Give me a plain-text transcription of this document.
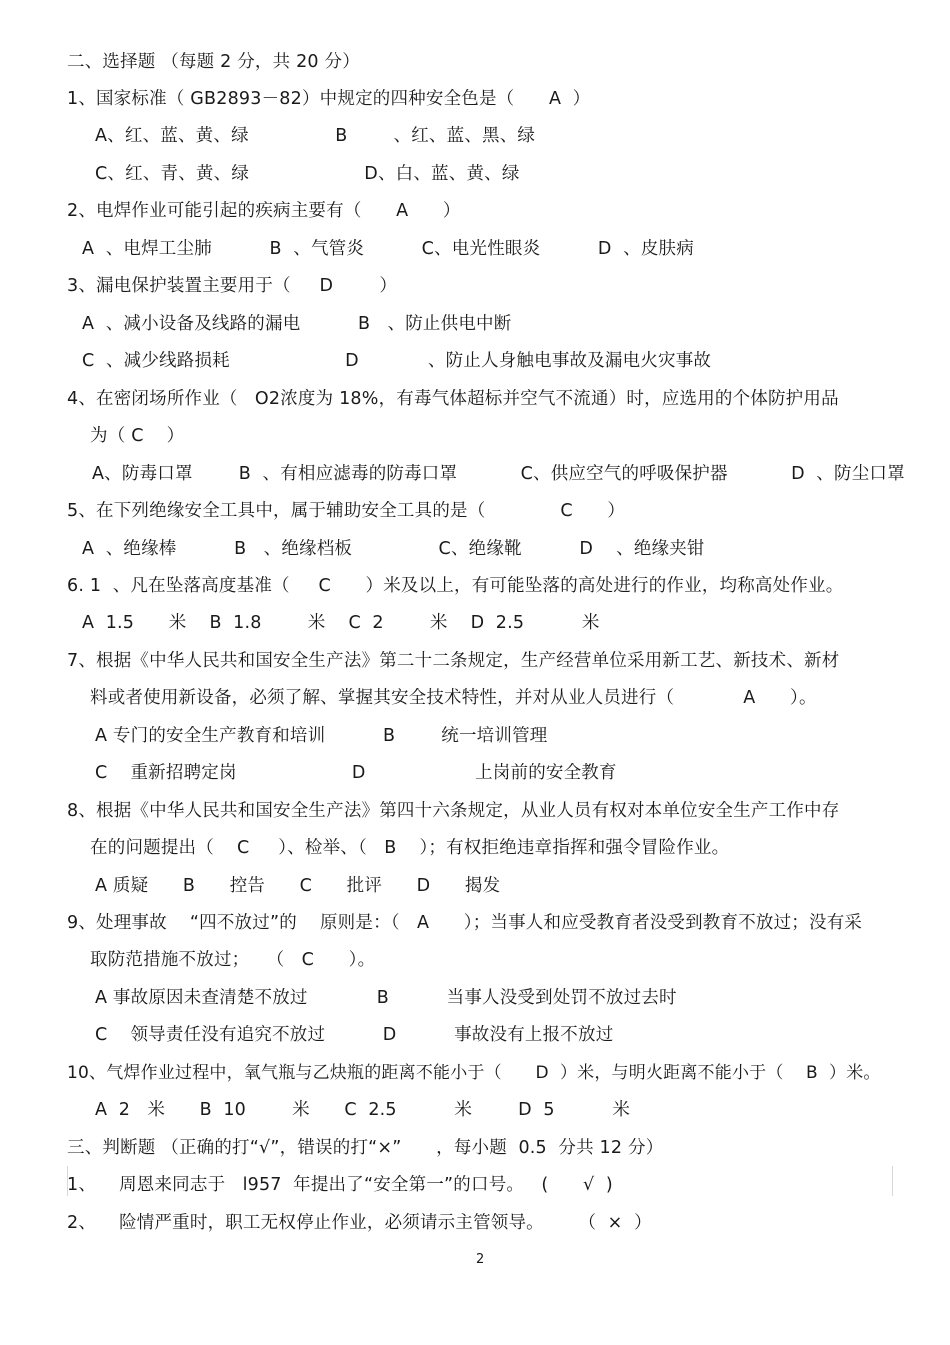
二、选择题 （每题 2 分，共 20 分）
1、国家标准（ GB2893－82）中规定的四种安全色是（      A  ）
A、红、蓝、黄、绿               B        、红、蓝、黑、绿
C、红、青、黄、绿                    D、白、蓝、黄、绿
2、电焊作业可能引起的疾病主要有（      A      ）
A  、电焊工尘肺          B  、气管炎          C、电光性眼炎          D  、皮肤病
3、漏电保护装置主要用于（     D        ）
A  、减小设备及线路的漏电          B   、防止供电中断
C  、减少线路损耗                    D            、防止人身触电事故及漏电火灾事故
4、在密闭场所作业（   O2浓度为 18%，有毒气体超标并空气不流通）时，应选用的个体防护用品
为（ C    ）
A、防毒口罩        B  、有相应滤毒的防毒口罩           C、供应空气的呼吸保护器           D  、防尘口罩
5、在下列绝缘安全工具中，属于辅助安全工具的是（             C      ）
A  、绝缘棒          B   、绝缘档板               C、绝缘靴          D    、绝缘夹钳
6. 1  、凡在坠落高度基准（     C      ）米及以上，有可能坠落的高处进行的作业，均称高处作业。
A  1.5      米    B  1.8        米    C  2        米    D  2.5          米
7、根据《中华人民共和国安全生产法》第二十二条规定，生产经营单位采用新工艺、新技术、新材
料或者使用新设备，必须了解、掌握其安全技术特性，并对从业人员进行（            A      ）。
A 专门的安全生产教育和培训          B        统一培训管理
C    重新招聘定岗                    D                   上岗前的安全教育
8、根据《中华人民共和国安全生产法》第四十六条规定，从业人员有权对本单位安全生产工作中存
在的问题提出（    C     ）、检举、（   B    ）；有权拒绝违章指挥和强令冒险作业。
A 质疑      B      控告      C      批评      D      揭发
9、处理事故    “四不放过”的    原则是：（   A      ）；当事人和应受教育者没受到教育不放过；没有采
取防范措施不放过；   （   C      ）。
A 事故原因未查清楚不放过            B          当事人没受到处罚不放过去时
C    领导责任没有追究不放过          D          事故没有上报不放过
10、气焊作业过程中，氧气瓶与乙炔瓶的距离不能小于（      D  ）米，与明火距离不能小于（    B  ）米。
A  2   米      B  10        米      C  2.5          米        D  5          米
三、判断题 （正确的打“√”，错误的打“×”      ，每小题  0.5  分共 12 分）
1、    周恩来同志于   l957  年提出了“安全第一”的口号。   (      √  )
2、    险情严重时，职工无权停止作业，必须请示主管领导。      （  ×  ）
2
